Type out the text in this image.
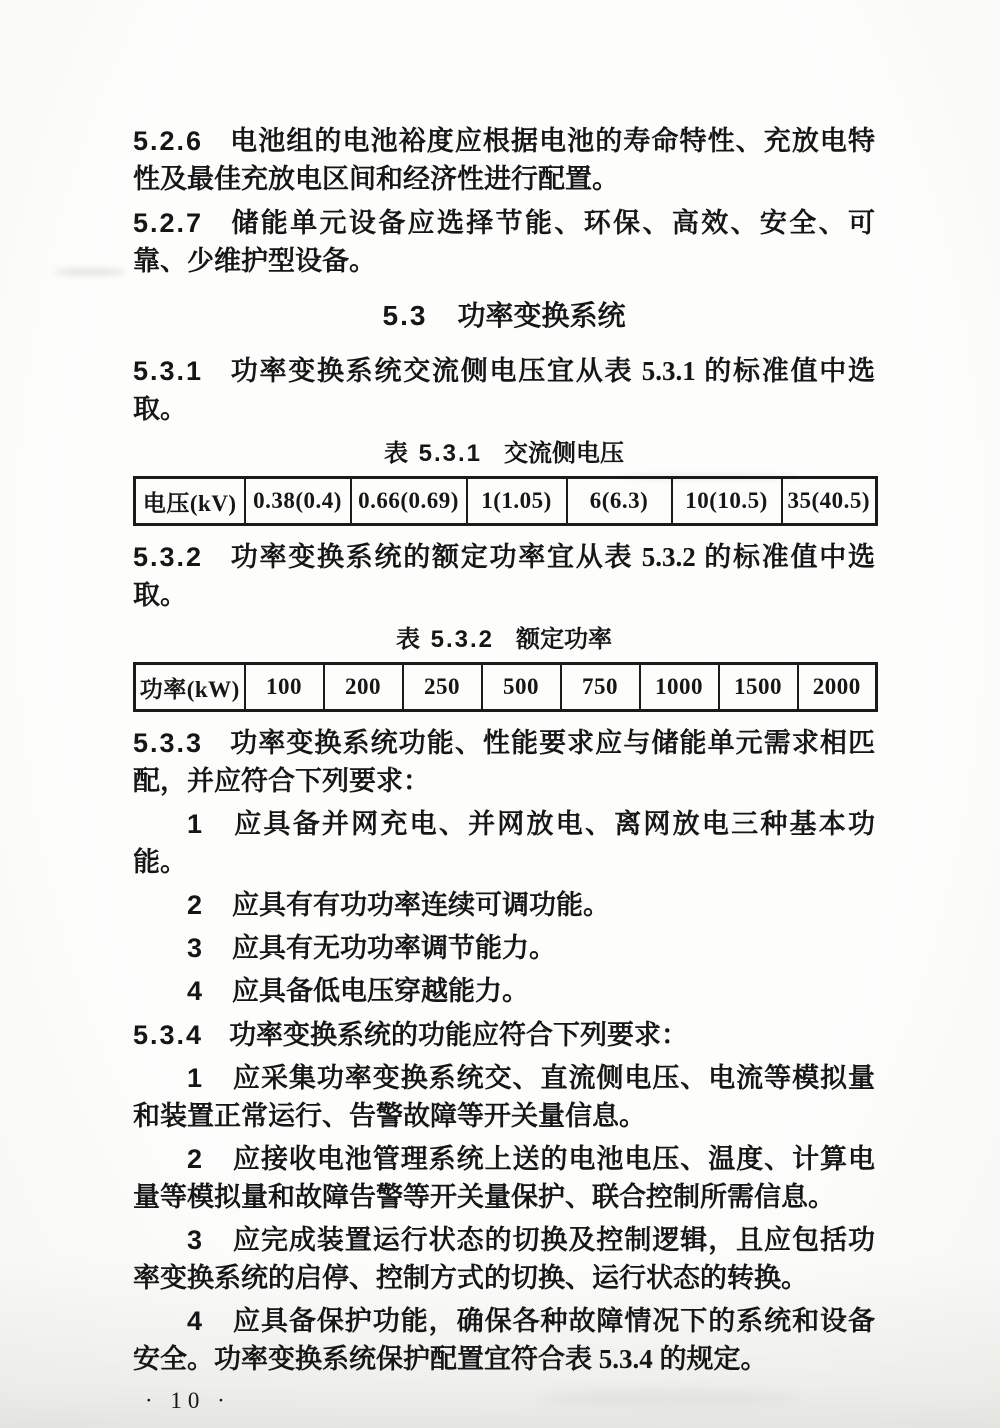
5.2.6 电池组的电池裕度应根据电池的寿命特性、充放电特性及最佳充放电区间和经济性进行配置。

5.2.7 储能单元设备应选择节能、环保、高效、安全、可靠、少维护型设备。

5.3 功率变换系统

5.3.1 功率变换系统交流侧电压宜从表 5.3.1 的标准值中选取。

表 5.3.1 交流侧电压
电压(kV)	0.38(0.4)	0.66(0.69)	1(1.05)	6(6.3)	10(10.5)	35(40.5)

5.3.2 功率变换系统的额定功率宜从表 5.3.2 的标准值中选取。

表 5.3.2 额定功率
功率(kW)	100	200	250	500	750	1000	1500	2000

5.3.3 功率变换系统功能、性能要求应与储能单元需求相匹配，并应符合下列要求：

1 应具备并网充电、并网放电、离网放电三种基本功能。

2 应具有有功功率连续可调功能。

3 应具有无功功率调节能力。

4 应具备低电压穿越能力。

5.3.4 功率变换系统的功能应符合下列要求：

1 应采集功率变换系统交、直流侧电压、电流等模拟量和装置正常运行、告警故障等开关量信息。

2 应接收电池管理系统上送的电池电压、温度、计算电量等模拟量和故障告警等开关量保护、联合控制所需信息。

3 应完成装置运行状态的切换及控制逻辑，且应包括功率变换系统的启停、控制方式的切换、运行状态的转换。

4 应具备保护功能，确保各种故障情况下的系统和设备安全。功率变换系统保护配置宜符合表 5.3.4 的规定。

· 10 ·
